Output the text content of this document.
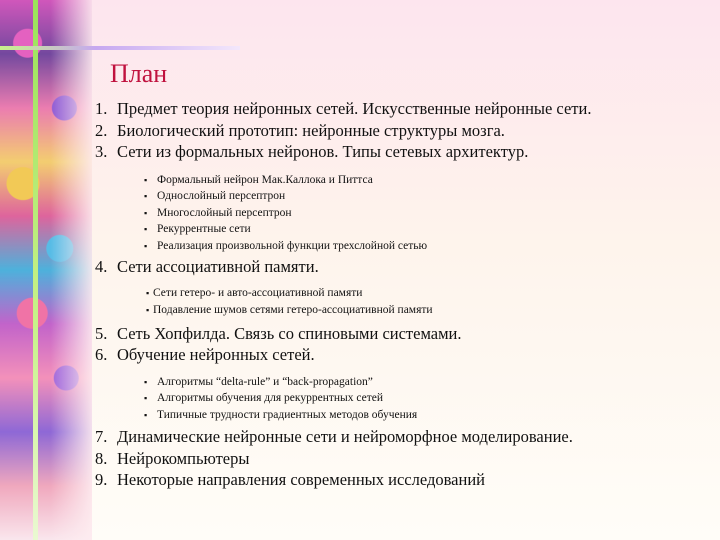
План
1. Предмет теория нейронных сетей. Искусственные нейронные сети.
2. Биологический прототип: нейронные структуры мозга.
3. Сети из формальных нейронов. Типы сетевых архитектур.
▪ Формальный нейрон Мак.Каллока и Питтса
▪ Однослойный персептрон
▪ Многослойный персептрон
▪ Рекуррентные сети
▪ Реализация произвольной функции трехслойной сетью
4. Сети ассоциативной памяти.
▪ Сети гетеро- и авто-ассоциативной памяти
▪ Подавление шумов сетями гетеро-ассоциативной памяти
5. Сеть Хопфилда. Связь со спиновыми системами.
6. Обучение нейронных сетей.
▪ Алгоритмы “delta-rule” и “back-propagation”
▪ Алгоритмы обучения для рекуррентных сетей
▪ Типичные трудности градиентных методов обучения
7. Динамические нейронные сети и нейроморфное моделирование.
8. Нейрокомпьютеры
9. Некоторые направления современных исследований
